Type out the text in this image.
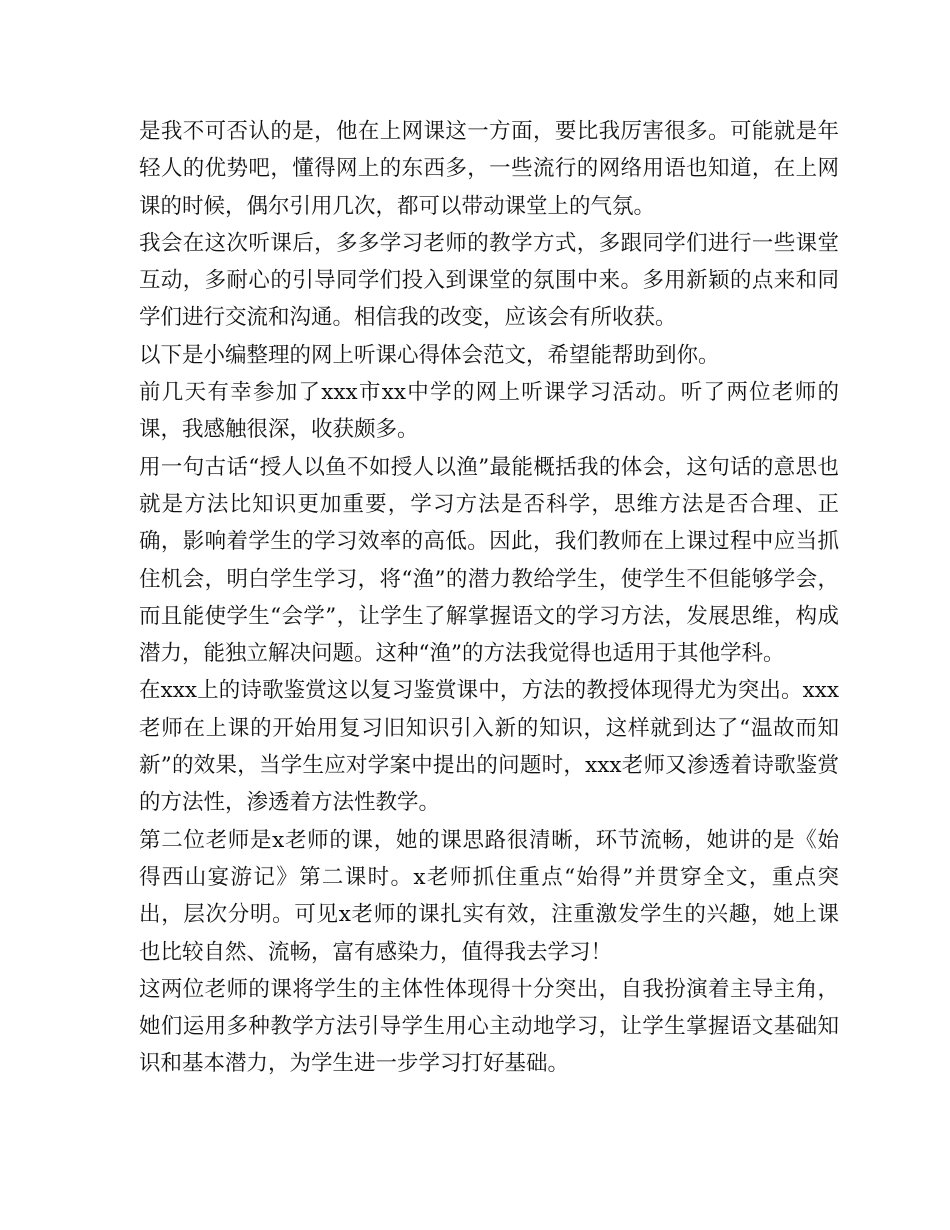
是我不可否认的是，他在上网课这一方面，要比我厉害很多。可能就是年轻人的优势吧，懂得网上的东西多，一些流行的网络用语也知道，在上网课的时候，偶尔引用几次，都可以带动课堂上的气氛。

我会在这次听课后，多多学习老师的教学方式，多跟同学们进行一些课堂互动，多耐心的引导同学们投入到课堂的氛围中来。多用新颖的点来和同学们进行交流和沟通。相信我的改变，应该会有所收获。

以下是小编整理的网上听课心得体会范文，希望能帮助到你。

前几天有幸参加了xxx市xx中学的网上听课学习活动。听了两位老师的课，我感触很深，收获颇多。

用一句古话“授人以鱼不如授人以渔”最能概括我的体会，这句话的意思也就是方法比知识更加重要，学习方法是否科学，思维方法是否合理、正确，影响着学生的学习效率的高低。因此，我们教师在上课过程中应当抓住机会，明白学生学习，将“渔”的潜力教给学生，使学生不但能够学会，而且能使学生“会学”，让学生了解掌握语文的学习方法，发展思维，构成潜力，能独立解决问题。这种“渔”的方法我觉得也适用于其他学科。

在xxx上的诗歌鉴赏这以复习鉴赏课中，方法的教授体现得尤为突出。xxx老师在上课的开始用复习旧知识引入新的知识，这样就到达了“温故而知新”的效果，当学生应对学案中提出的问题时，xxx老师又渗透着诗歌鉴赏的方法性，渗透着方法性教学。

第二位老师是x老师的课，她的课思路很清晰，环节流畅，她讲的是《始得西山宴游记》第二课时。x老师抓住重点“始得”并贯穿全文，重点突出，层次分明。可见x老师的课扎实有效，注重激发学生的兴趣，她上课也比较自然、流畅，富有感染力，值得我去学习！

这两位老师的课将学生的主体性体现得十分突出，自我扮演着主导主角，她们运用多种教学方法引导学生用心主动地学习，让学生掌握语文基础知识和基本潜力，为学生进一步学习打好基础。
